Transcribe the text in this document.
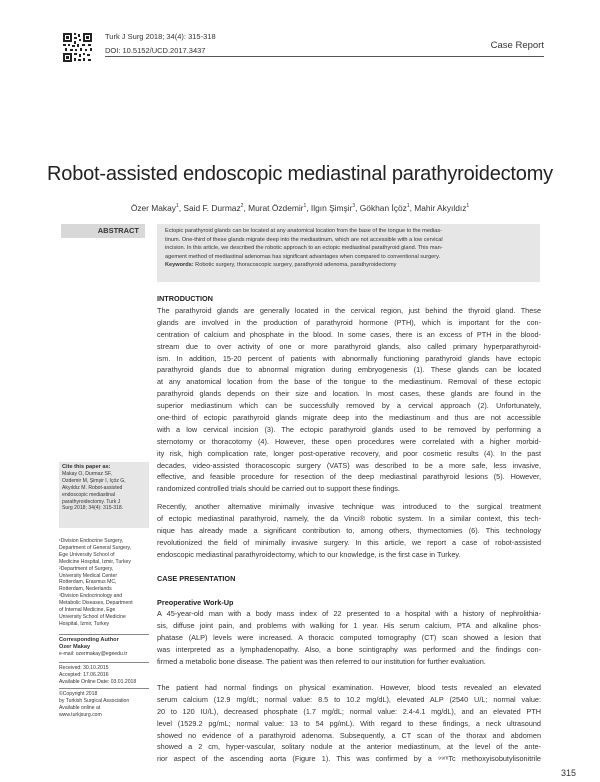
Turk J Surg 2018; 34(4): 315-318
DOI: 10.5152/UCD.2017.3437	Case Report
Robot-assisted endoscopic mediastinal parathyroidectomy
Özer Makay$^1$, Said F. Durmaz$^2$, Murat Özdemir$^1$, Ilgın Şimşir$^3$, Gökhan İçöz$^1$, Mahir Akyıldız$^1$
ABSTRACT	Ectopic parathyroid glands can be located at any anatomical location from the base of the tongue to the medias-
tinum. One-third of these glands migrate deep into the mediastinum, which are not accessible with a low cervical
incision. In this article, we described the robotic approach to an ectopic mediastinal parathyroid gland. This man-
agement method of mediastinal adenomas has significant advantages when compared to conventional surgery.
Keywords: Robotic surgery, thoracoscopic surgery, parathyroid adenoma, parathyroidectomy
INTRODUCTION
The parathyroid glands are generally located in the cervical region, just behind the thyroid gland. These
glands are involved in the production of parathyroid hormone (PTH), which is important for the con-
centration of calcium and phosphate in the blood. In some cases, there is an excess of PTH in the blood-
stream due to over activity of one or more parathyroid glands, also called primary hyperparathyroid-
ism. In addition, 15-20 percent of patients with abnormally functioning parathyroid glands have ectopic
parathyroid glands due to abnormal migration during embryogenesis (1). These glands can be located
at any anatomical location from the base of the tongue to the mediastinum. Removal of these ectopic
parathyroid glands depends on their size and location. In most cases, these glands are found in the
superior mediastinum which can be successfully removed by a cervical approach (2). Unfortunately,
one-third of ectopic parathyroid glands migrate deep into the mediastinum and thus are not accessible
with a low cervical incision (3). The ectopic parathyroid glands used to be removed by performing a
sternotomy or thoracotomy (4). However, these open procedures were correlated with a higher morbid-
ity risk, high complication rate, longer post-operative recovery, and poor cosmetic results (4). In the past
decades, video-assisted thoracoscopic surgery (VATS) was described to be a more safe, less invasive,
effective, and feasible procedure for resection of the deep mediastinal parathyroid lesions (5). However,
randomized controlled trials should be carried out to support these findings.
Recently, another alternative minimally invasive technique was introduced to the surgical treatment
of ectopic mediastinal parathyroid, namely, the da Vinci® robotic system. In a similar context, this tech-
nique has already made a significant contribution to, among others, thymectomies (6). This technology
revolutionized the field of minimally invasive surgery. In this article, we report a case of robot-assisted
endoscopic mediastinal parathyroidectomy, which to our knowledge, is the first case in Turkey.
CASE PRESENTATION
Preoperative Work-Up
A 45-year-old man with a body mass index of 22 presented to a hospital with a history of nephrolithia-
sis, diffuse joint pain, and problems with walking for 1 year. His serum calcium, PTA and alkaline phos-
phatase (ALP) levels were increased. A thoracic computed tomography (CT) scan showed a lesion that
was interpreted as a lymphadenopathy. Also, a bone scintigraphy was performed and the findings con-
firmed a metabolic bone disease. The patient was then referred to our institution for further evaluation.
The patient had normal findings on physical examination. However, blood tests revealed an elevated
serum calcium (12.9 mg/dL; normal value: 8.5 to 10.2 mg/dL), elevated ALP (2540 U/L; normal value:
20 to 120 IU/L), decreased phosphate (1.7 mg/dL; normal value: 2.4-4.1 mg/dL), and an elevated PTH
level (1529.2 pg/mL; normal value: 13 to 54 pg/mL). With regard to these findings, a neck ultrasound
showed no evidence of a parathyroid adenoma. Subsequently, a CT scan of the thorax and abdomen
showed a 2 cm, hyper-vascular, solitary nodule at the anterior mediastinum, at the level of the ante-
rior aspect of the ascending aorta (Figure 1). This was confirmed by a ⁹⁹ᵐTc methoxyisobutylisonitrile
Cite this paper as:
Makay Ö, Durmaz SF,
Özdemir M, Şimşir I, İçöz G,
Akyıldız M. Robot-assisted
endoscopic mediastinal
parathyroidectomy. Turk J
Surg 2018; 34(4): 315-318.
¹Division Endocrine Surgery,
Department of General Surgery,
Ege University School of
Medicine Hospital, İzmir, Turkey
²Department of Surgery,
University Medical Center
Rotterdam, Erasmus MC,
Rotterdam, Nederlands
³Division Endocrinology and
Metabolic Diseases, Department
of Internal Medicine, Ege
University School of Medicine
Hospital, İzmir, Turkey
Corresponding Author
Özer Makay
e-mail: ozermakay@egeedu.tr
Received: 30.10.2015
Accepted: 17.06.2016
Available Online Date: 03.01.2018
©Copyright 2018
by Turkish Surgical Association
Available online at
www.turkjsurg.com
315
